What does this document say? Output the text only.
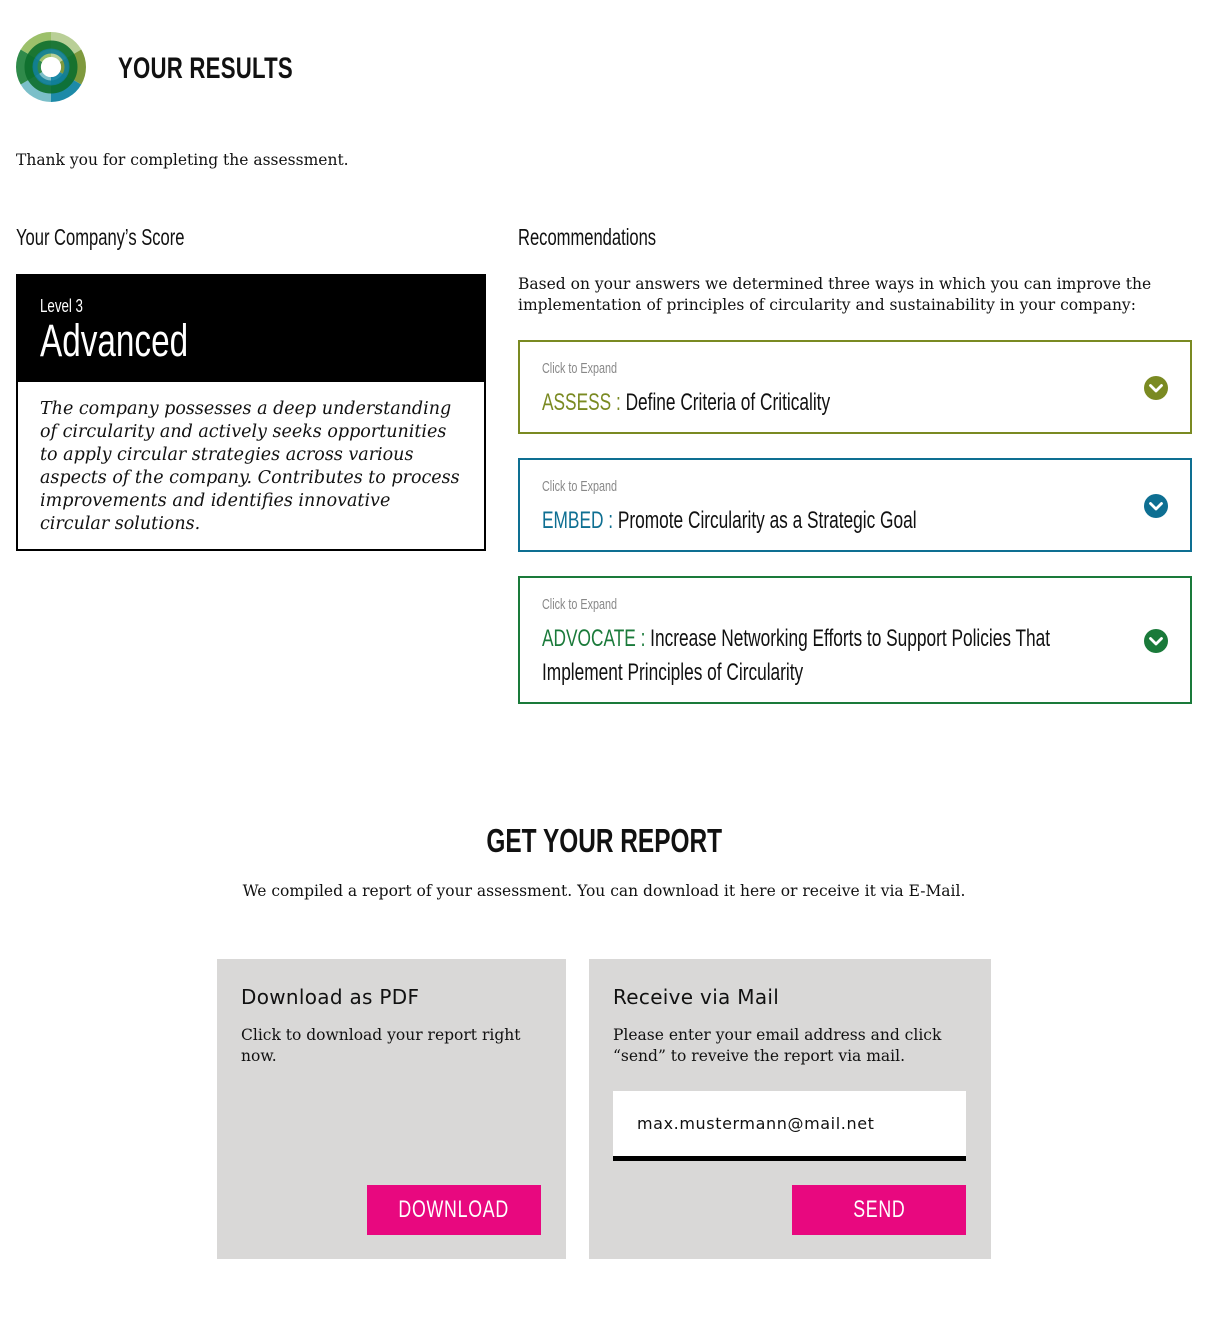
YOUR RESULTS
Thank you for completing the assessment.
Your Company’s Score
Level 3
Advanced
The company possesses a deep understanding of circularity and actively seeks opportunities to apply circular strategies across various aspects of the company. Contributes to process improvements and identifies innovative circular solutions.
Recommendations
Based on your answers we determined three ways in which you can improve the implementation of principles of circularity and sustainability in your company:
Click to Expand
ASSESS : Define Criteria of Criticality
Click to Expand
EMBED : Promote Circularity as a Strategic Goal
Click to Expand
ADVOCATE : Increase Networking Efforts to Support Policies That Implement Principles of Circularity
GET YOUR REPORT
We compiled a report of your assessment. You can download it here or receive it via E-Mail.
Download as PDF
Click to download your report right now.
DOWNLOAD
Receive via Mail
Please enter your email address and click “send” to reveive the report via mail.
max.mustermann@mail.net
SEND
